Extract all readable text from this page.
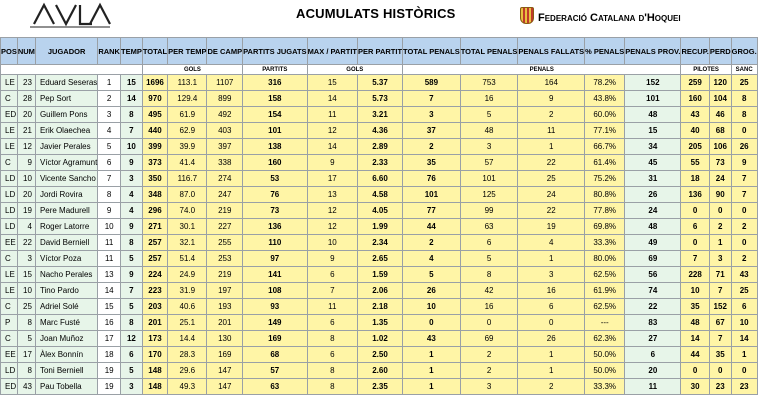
ACUMULATS HISTÒRICS	Federació Catalana d'Hoquei
POS	NUM	JUGADOR	RANK	TEMP	TOTAL	PER TEMP	DE CAMP	PARTITS JUGATS	MAX / PARTIT	PER PARTIT	TOTAL PENALS	TOTAL PENALS	PENALS FALLATS	% PENALS	PENALS PROV.	RECUP.	PERD	GROG.
					GOLS			PARTITS	GOLS		PENALS					PILOTES		SANC
LE	23	Eduard Seseras	1	15	1696	113.1	1107	316	15	5.37	589	753	164	78.2%	152	259	120	25
C	28	Pep Sort	2	14	970	129.4	899	158	14	5.73	7	16	9	43.8%	101	160	104	8
ED	20	Guillem Pons	3	8	495	61.9	492	154	11	3.21	3	5	2	60.0%	48	43	46	8
LE	21	Erik Olaechea	4	7	440	62.9	403	101	12	4.36	37	48	11	77.1%	15	40	68	0
LE	12	Javier Perales	5	10	399	39.9	397	138	14	2.89	2	3	1	66.7%	34	205	106	26
C	9	Víctor Agramunt	6	9	373	41.4	338	160	9	2.33	35	57	22	61.4%	45	55	73	9
LD	10	Vicente Sancho	7	3	350	116.7	274	53	17	6.60	76	101	25	75.2%	31	18	24	7
LD	20	Jordi Rovira	8	4	348	87.0	247	76	13	4.58	101	125	24	80.8%	26	136	90	7
LD	19	Pere Madurell	9	4	296	74.0	219	73	12	4.05	77	99	22	77.8%	24	0	0	0
LD	4	Roger Latorre	10	9	271	30.1	227	136	12	1.99	44	63	19	69.8%	48	6	2	2
EE	22	David Berniell	11	8	257	32.1	255	110	10	2.34	2	6	4	33.3%	49	0	1	0
C	3	Víctor Poza	11	5	257	51.4	253	97	9	2.65	4	5	1	80.0%	69	7	3	2
LE	15	Nacho Perales	13	9	224	24.9	219	141	6	1.59	5	8	3	62.5%	56	228	71	43
LE	10	Tino Pardo	14	7	223	31.9	197	108	7	2.06	26	42	16	61.9%	74	10	7	25
C	25	Adriel Solé	15	5	203	40.6	193	93	11	2.18	10	16	6	62.5%	22	35	152	6
P	8	Marc Fusté	16	8	201	25.1	201	149	6	1.35	0	0	0	---	83	48	67	10
C	5	Joan Muñoz	17	12	173	14.4	130	169	8	1.02	43	69	26	62.3%	27	14	7	14
EE	17	Àlex Bonnín	18	6	170	28.3	169	68	6	2.50	1	2	1	50.0%	6	44	35	1
LD	8	Toni Berniell	19	5	148	29.6	147	57	8	2.60	1	2	1	50.0%	20	0	0	0
ED	43	Pau Tobella	19	3	148	49.3	147	63	8	2.35	1	3	2	33.3%	11	30	23	23
